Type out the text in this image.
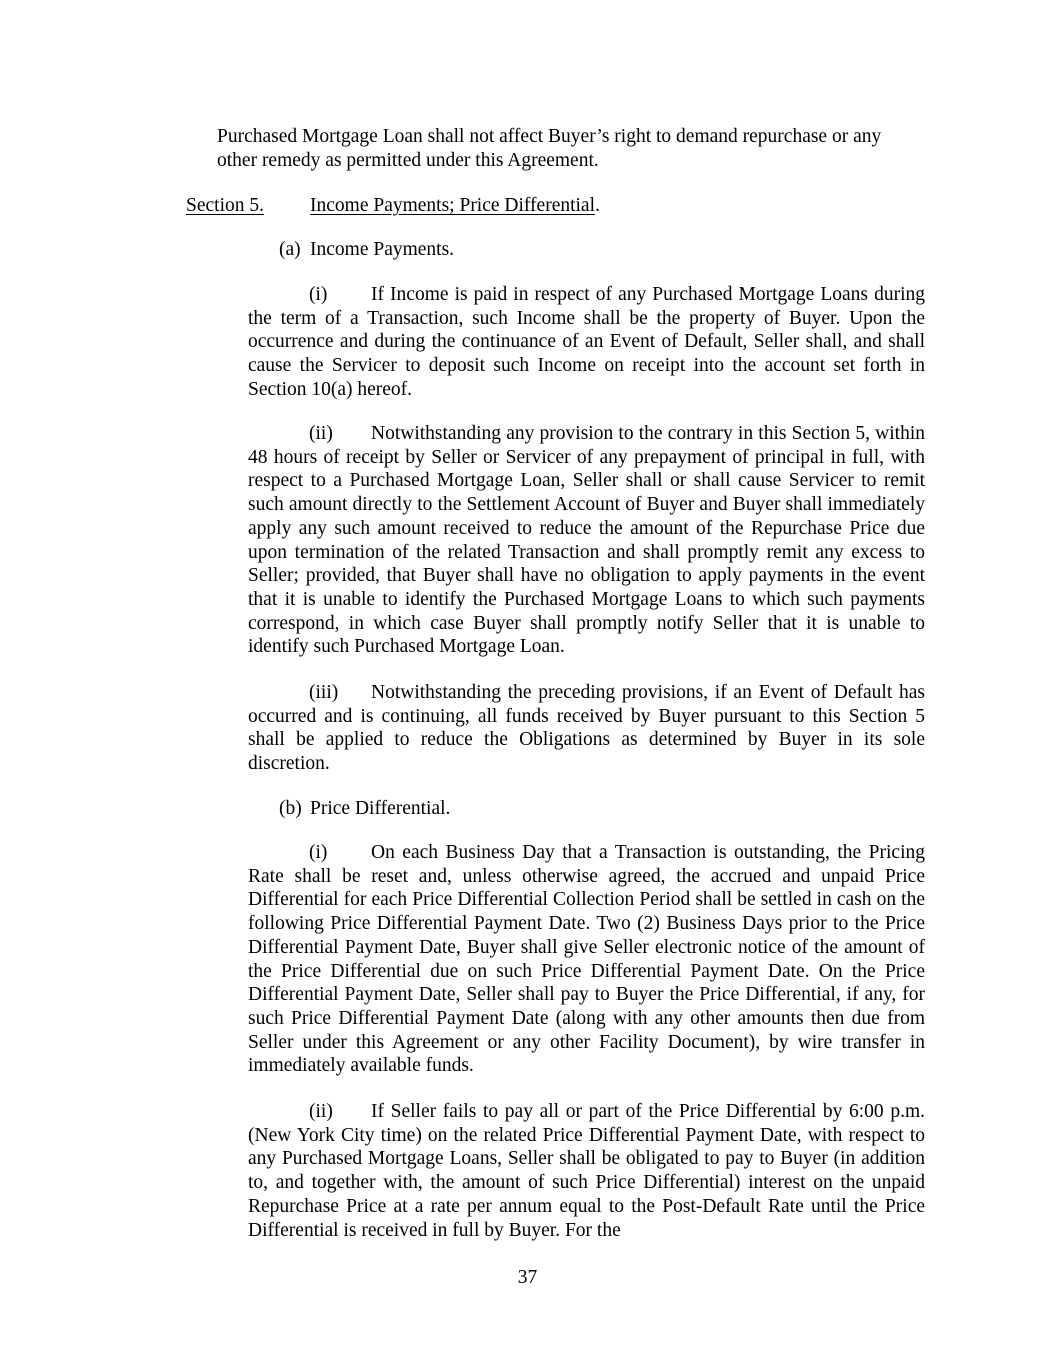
Purchased Mortgage Loan shall not affect Buyer’s right to demand repurchase or any other remedy as permitted under this Agreement.

Section 5. Income Payments; Price Differential.
(a) Income Payments.

(i) If Income is paid in respect of any Purchased Mortgage Loans during the term of a Transaction, such Income shall be the property of Buyer. Upon the occurrence and during the continuance of an Event of Default, Seller shall, and shall cause the Servicer to deposit such Income on receipt into the account set forth in Section 10(a) hereof.

(ii) Notwithstanding any provision to the contrary in this Section 5, within 48 hours of receipt by Seller or Servicer of any prepayment of principal in full, with respect to a Purchased Mortgage Loan, Seller shall or shall cause Servicer to remit such amount directly to the Settlement Account of Buyer and Buyer shall immediately apply any such amount received to reduce the amount of the Repurchase Price due upon termination of the related Transaction and shall promptly remit any excess to Seller; provided, that Buyer shall have no obligation to apply payments in the event that it is unable to identify the Purchased Mortgage Loans to which such payments correspond, in which case Buyer shall promptly notify Seller that it is unable to identify such Purchased Mortgage Loan.

(iii) Notwithstanding the preceding provisions, if an Event of Default has occurred and is continuing, all funds received by Buyer pursuant to this Section 5 shall be applied to reduce the Obligations as determined by Buyer in its sole discretion.

(b) Price Differential.

(i) On each Business Day that a Transaction is outstanding, the Pricing Rate shall be reset and, unless otherwise agreed, the accrued and unpaid Price Differential for each Price Differential Collection Period shall be settled in cash on the following Price Differential Payment Date. Two (2) Business Days prior to the Price Differential Payment Date, Buyer shall give Seller electronic notice of the amount of the Price Differential due on such Price Differential Payment Date. On the Price Differential Payment Date, Seller shall pay to Buyer the Price Differential, if any, for such Price Differential Payment Date (along with any other amounts then due from Seller under this Agreement or any other Facility Document), by wire transfer in immediately available funds.

(ii) If Seller fails to pay all or part of the Price Differential by 6:00 p.m. (New York City time) on the related Price Differential Payment Date, with respect to any Purchased Mortgage Loans, Seller shall be obligated to pay to Buyer (in addition to, and together with, the amount of such Price Differential) interest on the unpaid Repurchase Price at a rate per annum equal to the Post-Default Rate until the Price Differential is received in full by Buyer. For the

37
